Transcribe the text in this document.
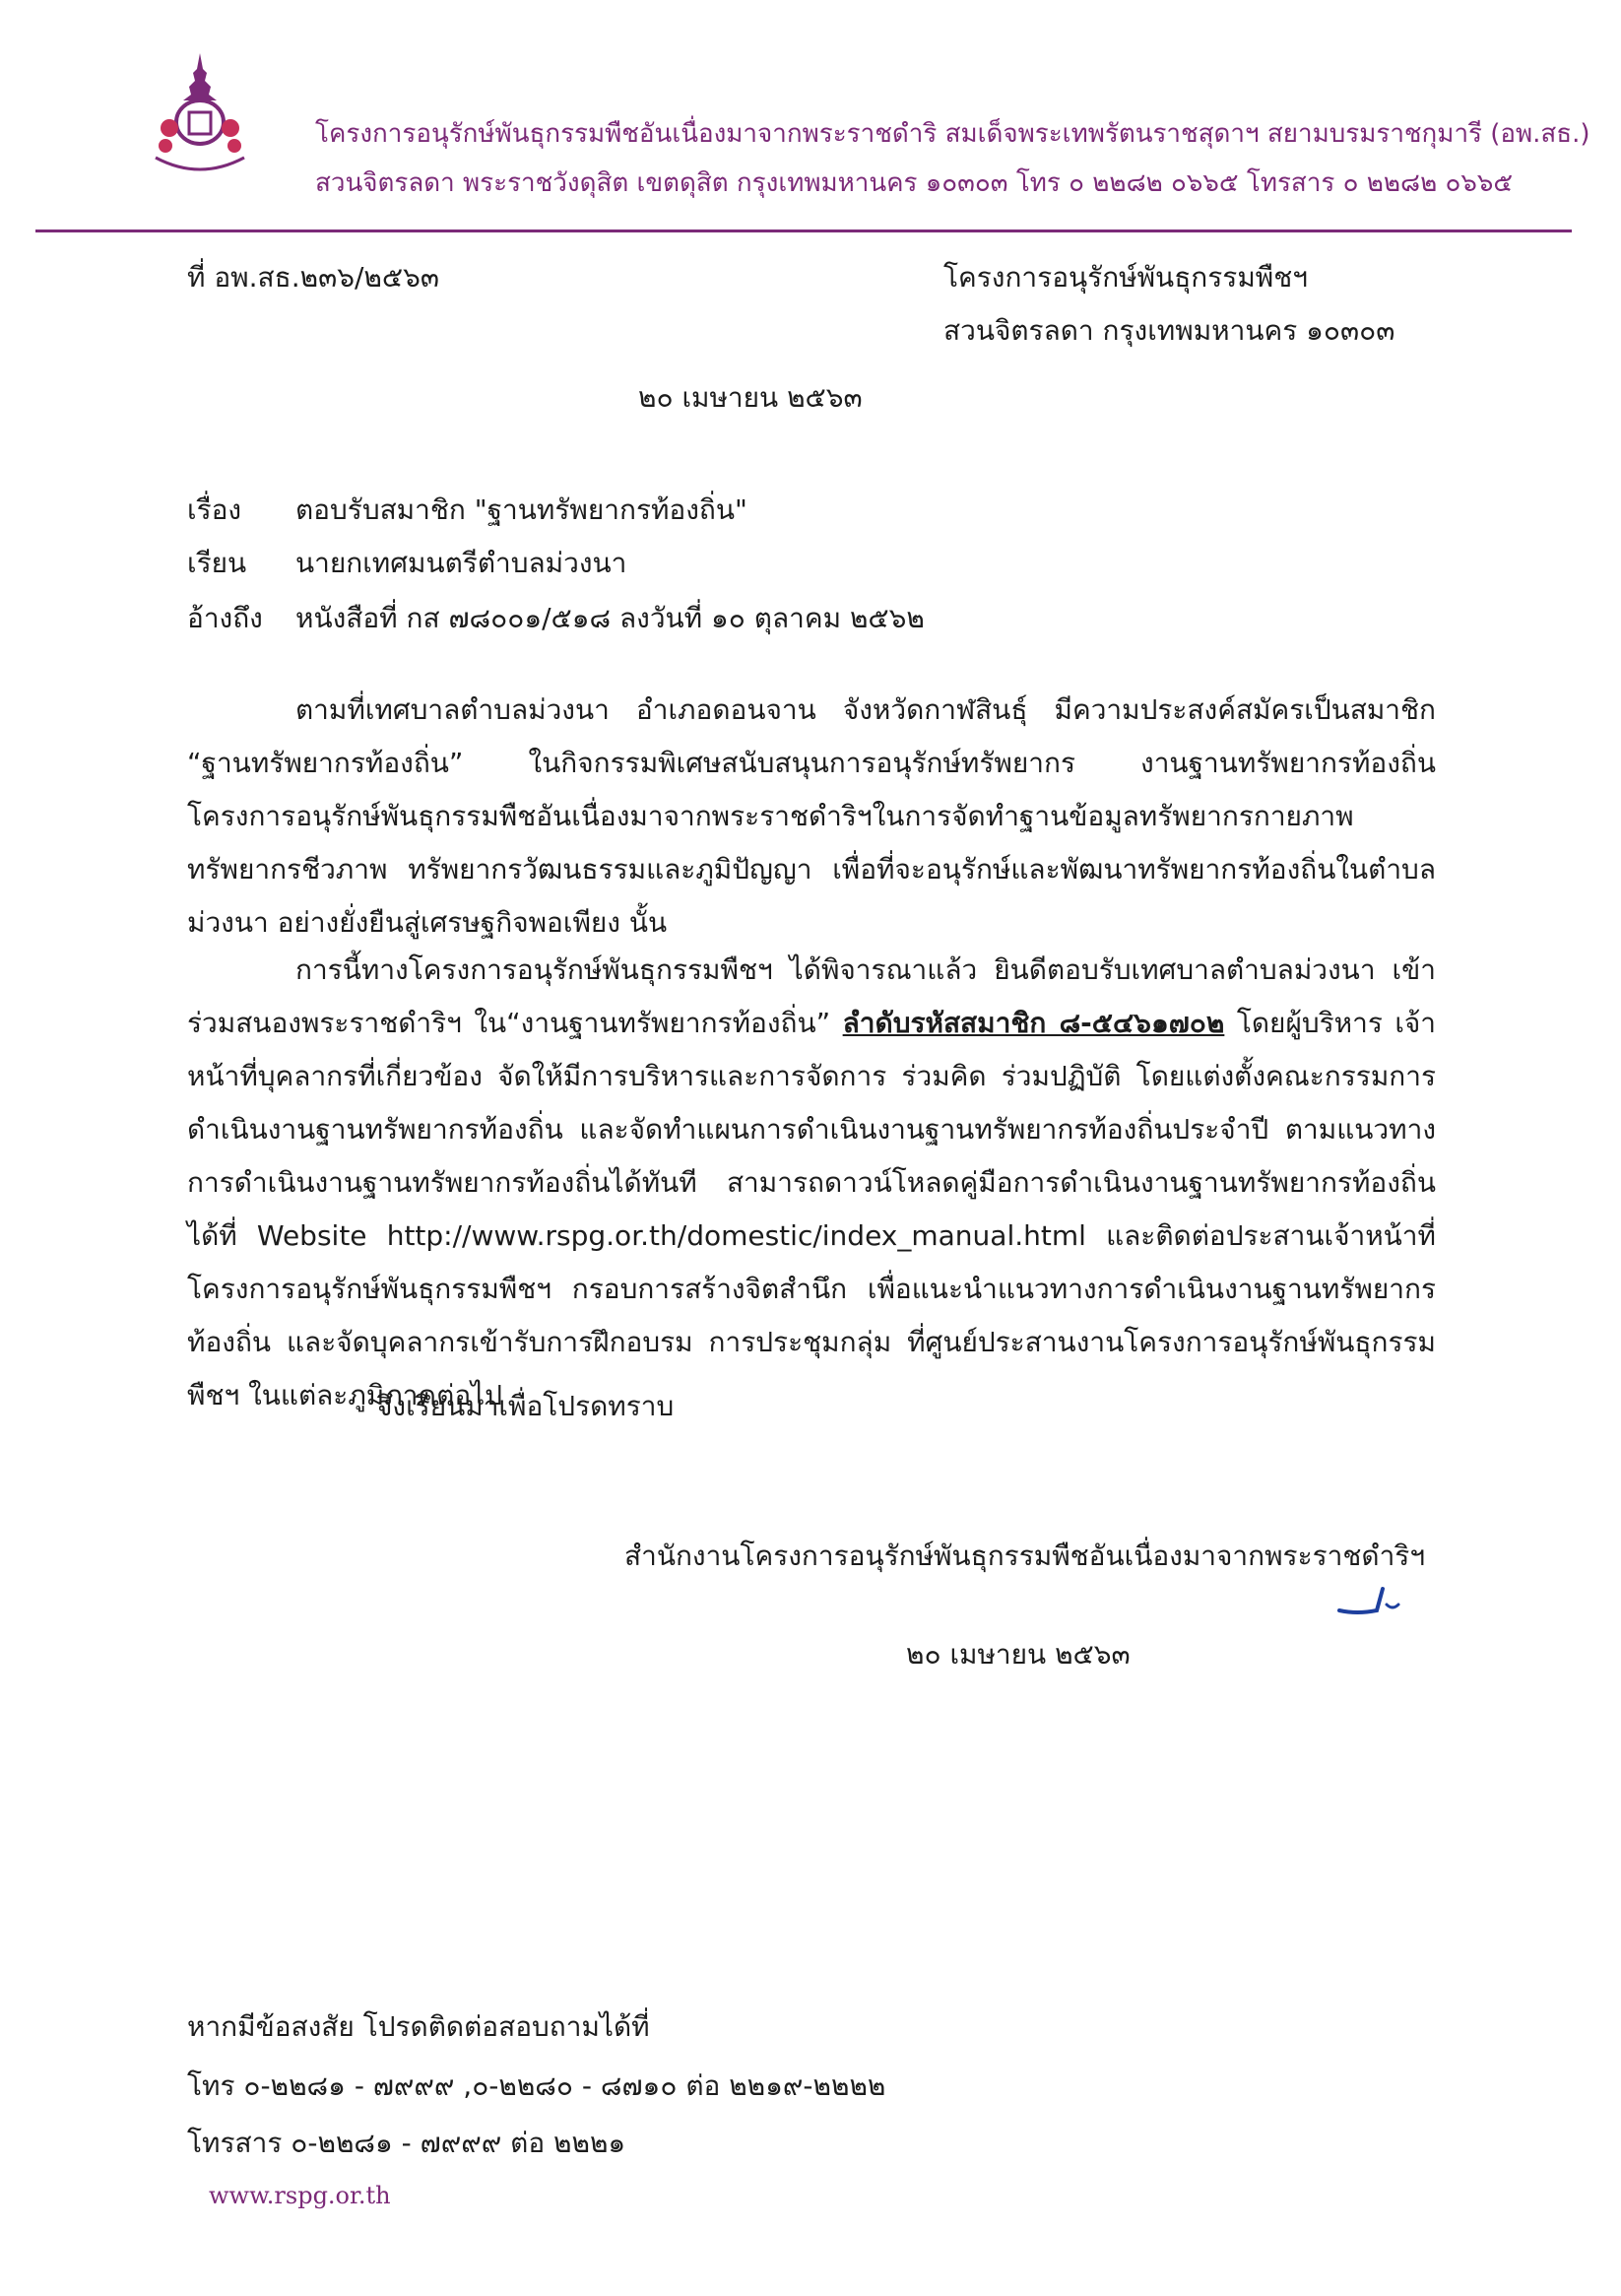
โครงการอนุรักษ์พันธุกรรมพืชอันเนื่องมาจากพระราชดำริ สมเด็จพระเทพรัตนราชสุดาฯ สยามบรมราชกุมารี (อพ.สธ.)
สวนจิตรลดา พระราชวังดุสิต เขตดุสิต กรุงเทพมหานคร ๑๐๓๐๓ โทร ๐ ๒๒๘๒ ๐๖๖๕ โทรสาร ๐ ๒๒๘๒ ๐๖๖๕
ที่ อพ.สธ.๒๓๖/๒๕๖๓	โครงการอนุรักษ์พันธุกรรมพืชฯ
สวนจิตรลดา กรุงเทพมหานคร ๑๐๓๐๓
๒๐ เมษายน ๒๕๖๓
เรื่อง ตอบรับสมาชิก "ฐานทรัพยากรท้องถิ่น"
เรียน นายกเทศมนตรีตำบลม่วงนา
อ้างถึง หนังสือที่ กส ๗๘๐๐๑/๕๑๘ ลงวันที่ ๑๐ ตุลาคม ๒๕๖๒
ตามที่เทศบาลตำบลม่วงนา อำเภอดอนจาน จังหวัดกาฬสินธุ์ มีความประสงค์สมัครเป็นสมาชิก “ฐานทรัพยากรท้องถิ่น” ในกิจกรรมพิเศษสนับสนุนการอนุรักษ์ทรัพยากร งานฐานทรัพยากรท้องถิ่น โครงการอนุรักษ์พันธุกรรมพืชอันเนื่องมาจากพระราชดำริฯในการจัดทำฐานข้อมูลทรัพยากรกายภาพ ทรัพยากรชีวภาพ ทรัพยากรวัฒนธรรมและภูมิปัญญา เพื่อที่จะอนุรักษ์และพัฒนาทรัพยากรท้องถิ่นในตำบลม่วงนา อย่างยั่งยืนสู่เศรษฐกิจพอเพียง นั้น
การนี้ทางโครงการอนุรักษ์พันธุกรรมพืชฯ ได้พิจารณาแล้ว ยินดีตอบรับเทศบาลตำบลม่วงนา เข้าร่วมสนองพระราชดำริฯ ใน“งานฐานทรัพยากรท้องถิ่น” ลำดับรหัสสมาชิก ๘-๕๔๖๑๗๐๒ โดยผู้บริหาร เจ้าหน้าที่บุคลากรที่เกี่ยวข้อง จัดให้มีการบริหารและการจัดการ ร่วมคิด ร่วมปฏิบัติ โดยแต่งตั้งคณะกรรมการดำเนินงานฐานทรัพยากรท้องถิ่น และจัดทำแผนการดำเนินงานฐานทรัพยากรท้องถิ่นประจำปี ตามแนวทางการดำเนินงานฐานทรัพยากรท้องถิ่นได้ทันที สามารถดาวน์โหลดคู่มือการดำเนินงานฐานทรัพยากรท้องถิ่นได้ที่ Website http://www.rspg.or.th/domestic/index_manual.html และติดต่อประสานเจ้าหน้าที่โครงการอนุรักษ์พันธุกรรมพืชฯ กรอบการสร้างจิตสำนึก เพื่อแนะนำแนวทางการดำเนินงานฐานทรัพยากรท้องถิ่น และจัดบุคลากรเข้ารับการฝึกอบรม การประชุมกลุ่ม ที่ศูนย์ประสานงานโครงการอนุรักษ์พันธุกรรมพืชฯ ในแต่ละภูมิภาคต่อไป
จึงเรียนมาเพื่อโปรดทราบ
สำนักงานโครงการอนุรักษ์พันธุกรรมพืชอันเนื่องมาจากพระราชดำริฯ
๒๐ เมษายน ๒๕๖๓
หากมีข้อสงสัย โปรดติดต่อสอบถามได้ที่
โทร ๐-๒๒๘๑ - ๗๙๙๙ ,๐-๒๒๘๐ - ๘๗๑๐ ต่อ ๒๒๑๙-๒๒๒๒
โทรสาร ๐-๒๒๘๑ - ๗๙๙๙ ต่อ ๒๒๒๑
www.rspg.or.th
